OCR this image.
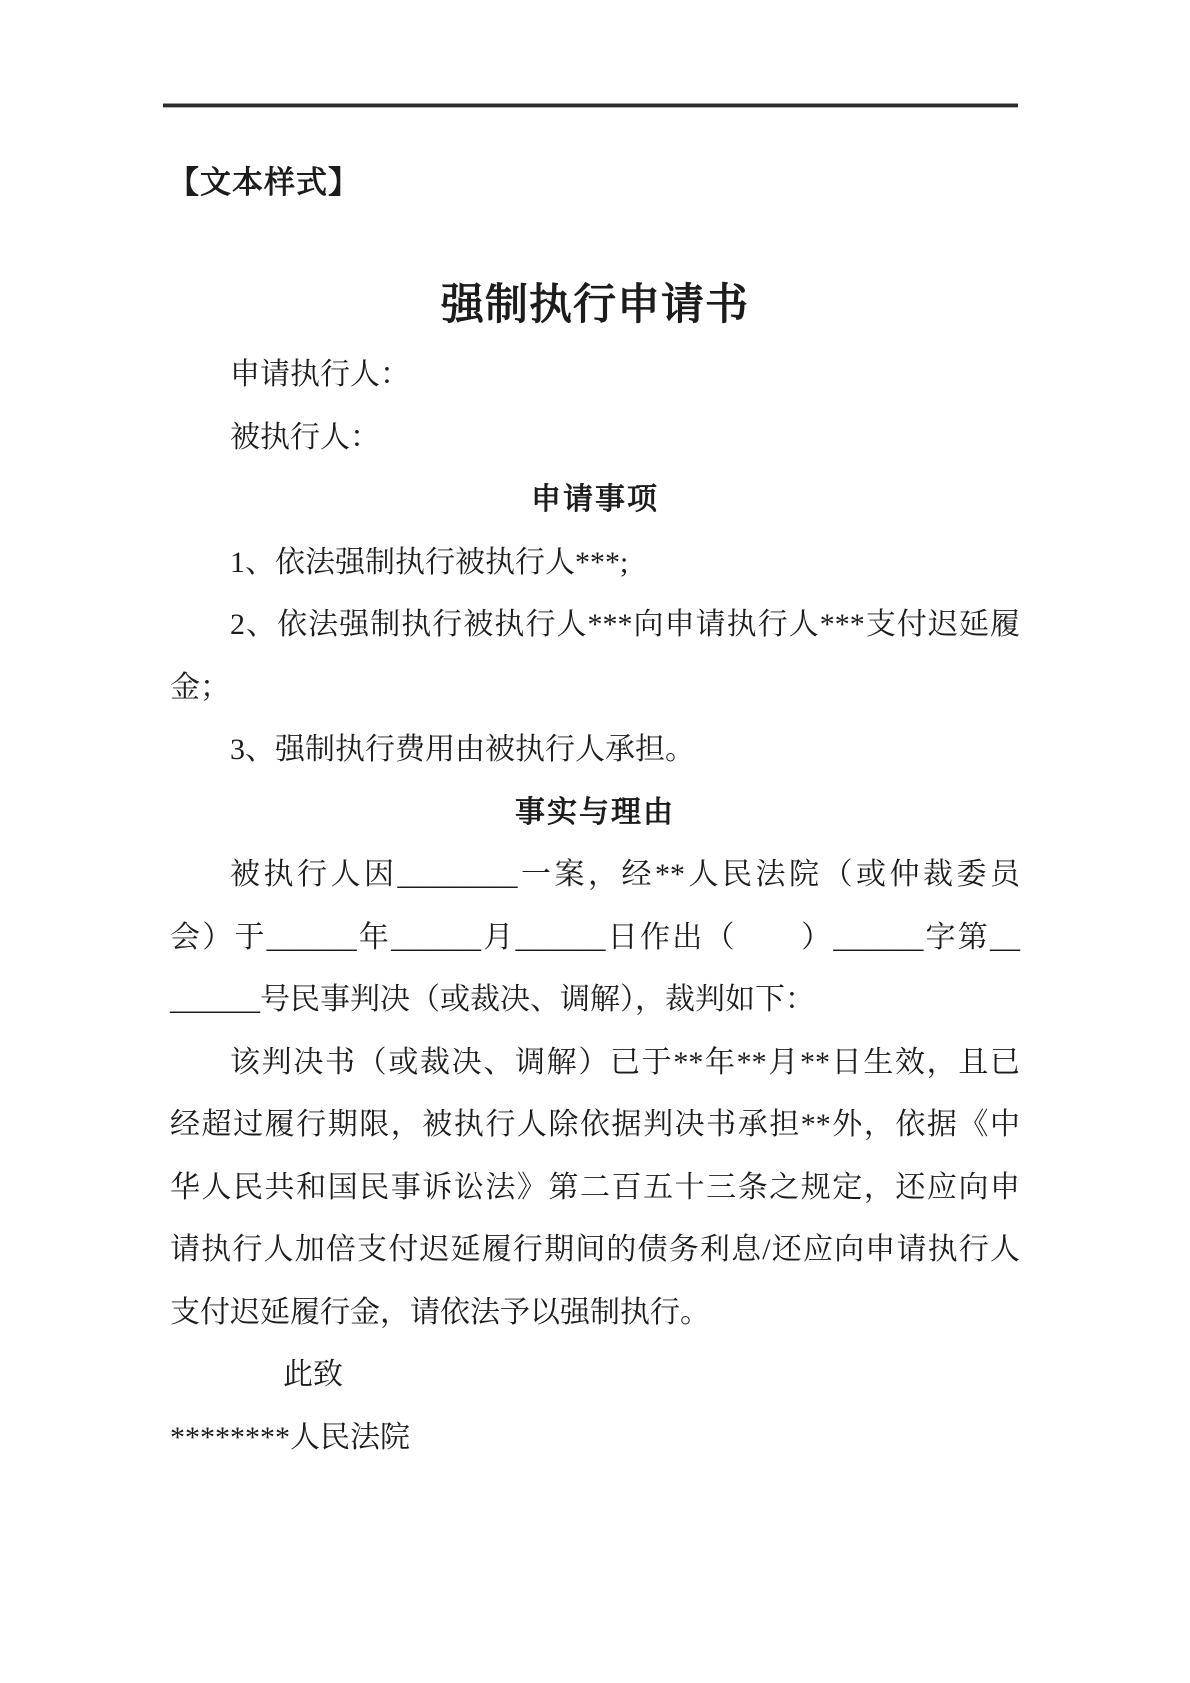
【文本样式】
强制执行申请书
申请执行人：
被执行人：
申请事项
1、依法强制执行被执行人***;
2、依法强制执行被执行人***向申请执行人***支付迟延履
金；
3、强制执行费用由被执行人承担。
事实与理由
被执行人因________一案，经**人民法院（或仲裁委员
会）于______年______月______日作出（　　）______字第__
______号民事判决（或裁决、调解），裁判如下：
该判决书（或裁决、调解）已于**年**月**日生效，且已
经超过履行期限，被执行人除依据判决书承担**外，依据《中
华人民共和国民事诉讼法》第二百五十三条之规定，还应向申
请执行人加倍支付迟延履行期间的债务利息/还应向申请执行人
支付迟延履行金，请依法予以强制执行。
此致
********人民法院
